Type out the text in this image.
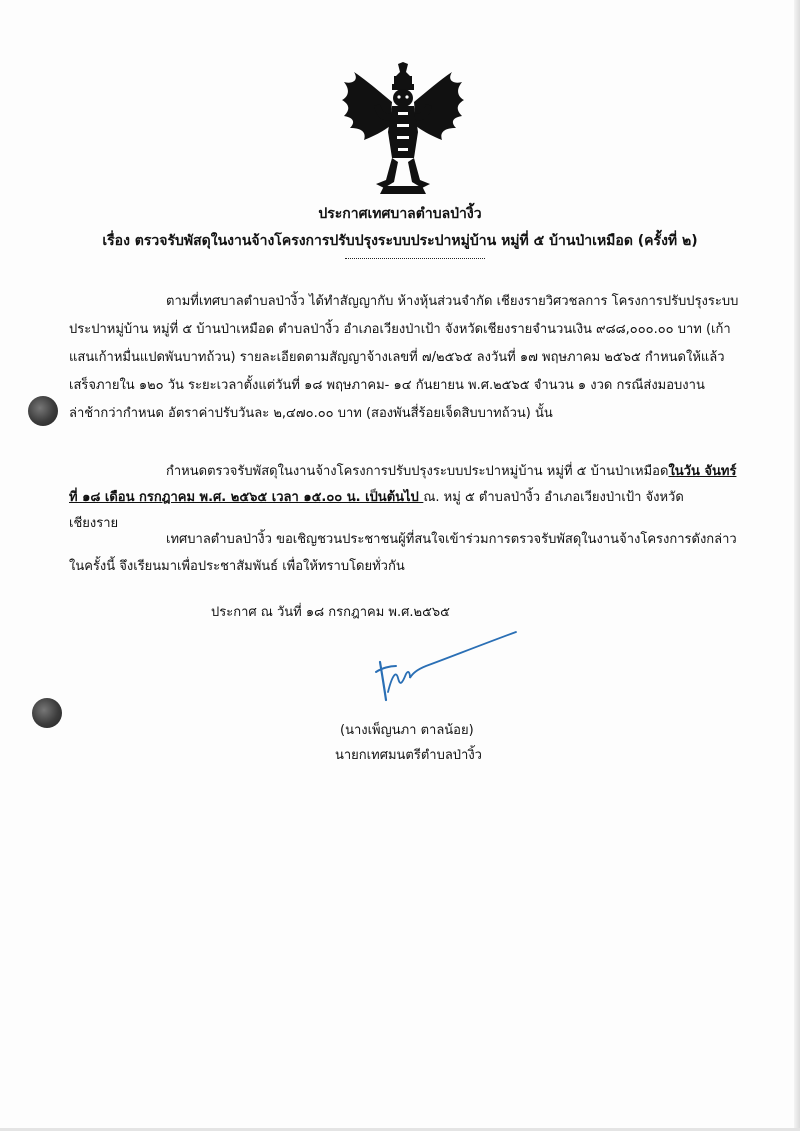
ประกาศเทศบาลตำบลป่างิ้ว
เรื่อง ตรวจรับพัสดุในงานจ้างโครงการปรับปรุงระบบประปาหมู่บ้าน หมู่ที่ ๕ บ้านป่าเหมือด (ครั้งที่ ๒)
ตามที่เทศบาลตำบลป่างิ้ว ได้ทำสัญญากับ ห้างหุ้นส่วนจำกัด เชียงรายวิศวชลการ โครงการปรับปรุงระบบ
ประปาหมู่บ้าน หมู่ที่ ๕ บ้านป่าเหมือด ตำบลป่างิ้ว อำเภอเวียงป่าเป้า จังหวัดเชียงรายจำนวนเงิน ๙๘๘,๐๐๐.๐๐ บาท (เก้า
แสนเก้าหมื่นแปดพันบาทถ้วน) รายละเอียดตามสัญญาจ้างเลขที่ ๗/๒๕๖๕ ลงวันที่ ๑๗ พฤษภาคม ๒๕๖๕ กำหนดให้แล้ว
เสร็จภายใน ๑๒๐ วัน ระยะเวลาตั้งแต่วันที่ ๑๘ พฤษภาคม- ๑๔ กันยายน พ.ศ.๒๕๖๕ จำนวน ๑ งวด กรณีส่งมอบงาน
ล่าช้ากว่ากำหนด อัตราค่าปรับวันละ ๒,๔๗๐.๐๐ บาท (สองพันสี่ร้อยเจ็ดสิบบาทถ้วน) นั้น
กำหนดตรวจรับพัสดุในงานจ้างโครงการปรับปรุงระบบประปาหมู่บ้าน หมู่ที่ ๕ บ้านป่าเหมือดในวัน จันทร์
ที่ ๑๘ เดือน กรกฎาคม พ.ศ. ๒๕๖๕ เวลา ๑๕.๐๐ น. เป็นต้นไป ณ. หมู่ ๕ ตำบลป่างิ้ว อำเภอเวียงป่าเป้า จังหวัด
เชียงราย
เทศบาลตำบลป่างิ้ว ขอเชิญชวนประชาชนผู้ที่สนใจเข้าร่วมการตรวจรับพัสดุในงานจ้างโครงการดังกล่าว
ในครั้งนี้ จึงเรียนมาเพื่อประชาสัมพันธ์ เพื่อให้ทราบโดยทั่วกัน
ประกาศ ณ วันที่ ๑๘ กรกฎาคม พ.ศ.๒๕๖๕
(นางเพ็ญนภา ตาลน้อย)
นายกเทศมนตรีตำบลป่างิ้ว
